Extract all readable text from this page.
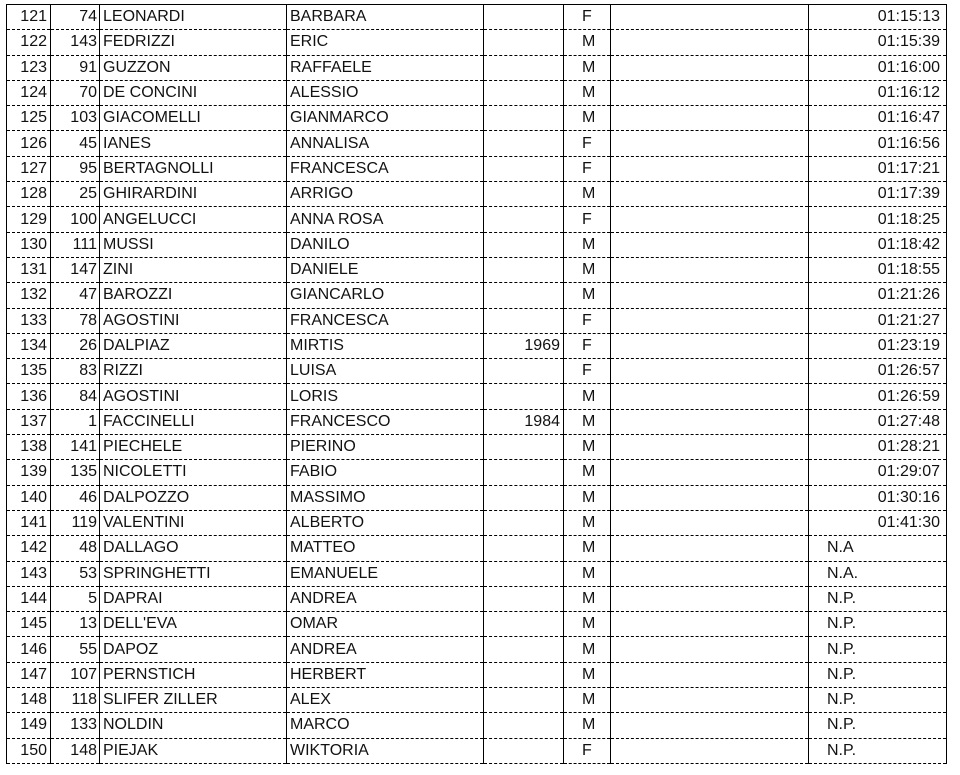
121	74	LEONARDI	BARBARA		F		01:15:13
122	143	FEDRIZZI	ERIC		M		01:15:39
123	91	GUZZON	RAFFAELE		M		01:16:00
124	70	DE CONCINI	ALESSIO		M		01:16:12
125	103	GIACOMELLI	GIANMARCO		M		01:16:47
126	45	IANES	ANNALISA		F		01:16:56
127	95	BERTAGNOLLI	FRANCESCA		F		01:17:21
128	25	GHIRARDINI	ARRIGO		M		01:17:39
129	100	ANGELUCCI	ANNA ROSA		F		01:18:25
130	111	MUSSI	DANILO		M		01:18:42
131	147	ZINI	DANIELE		M		01:18:55
132	47	BAROZZI	GIANCARLO		M		01:21:26
133	78	AGOSTINI	FRANCESCA		F		01:21:27
134	26	DALPIAZ	MIRTIS	1969	F		01:23:19
135	83	RIZZI	LUISA		F		01:26:57
136	84	AGOSTINI	LORIS		M		01:26:59
137	1	FACCINELLI	FRANCESCO	1984	M		01:27:48
138	141	PIECHELE	PIERINO		M		01:28:21
139	135	NICOLETTI	FABIO		M		01:29:07
140	46	DALPOZZO	MASSIMO		M		01:30:16
141	119	VALENTINI	ALBERTO		M		01:41:30
142	48	DALLAGO	MATTEO		M		N.A
143	53	SPRINGHETTI	EMANUELE		M		N.A.
144	5	DAPRAI	ANDREA		M		N.P.
145	13	DELL'EVA	OMAR		M		N.P.
146	55	DAPOZ	ANDREA		M		N.P.
147	107	PERNSTICH	HERBERT		M		N.P.
148	118	SLIFER ZILLER	ALEX		M		N.P.
149	133	NOLDIN	MARCO		M		N.P.
150	148	PIEJAK	WIKTORIA		F		N.P.
